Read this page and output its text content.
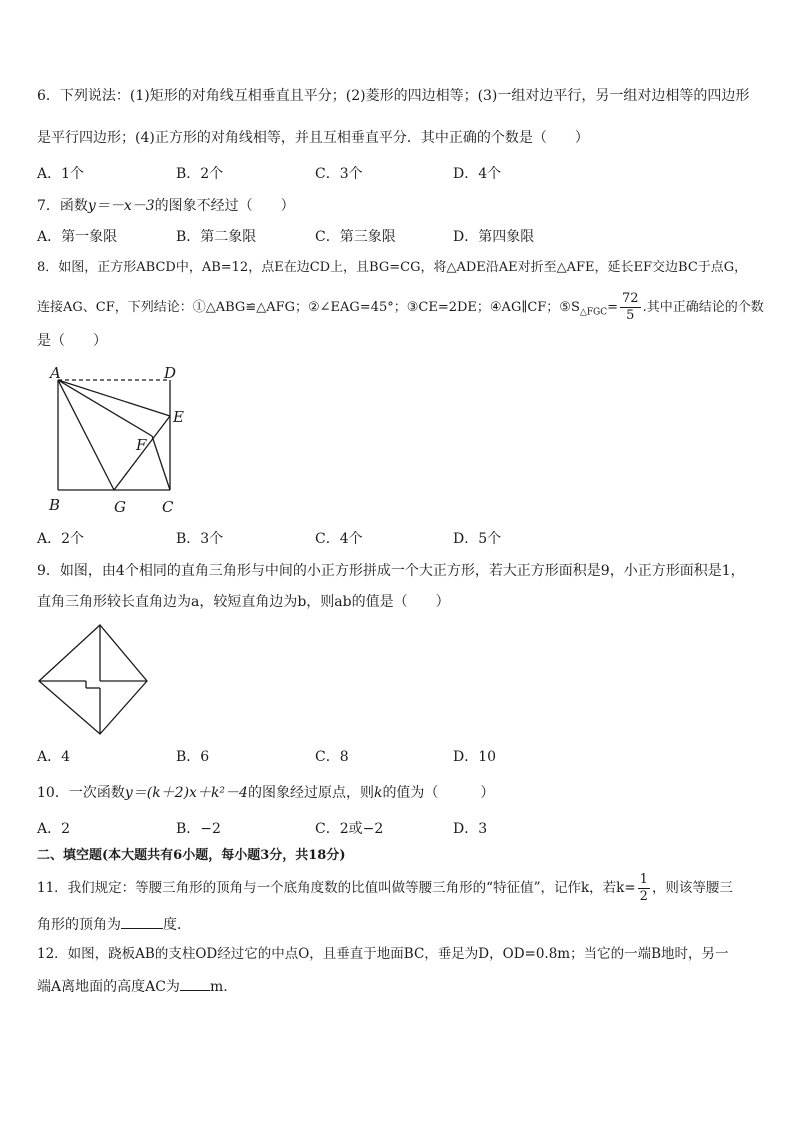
6．下列说法：(1)矩形的对角线互相垂直且平分；(2)菱形的四边相等；(3)一组对边平行，另一组对边相等的四边形
是平行四边形；(4)正方形的对角线相等，并且互相垂直平分．其中正确的个数是（　　）
A．1个	B．2个	C．3个	D．4个
7．函数y＝－x－3的图象不经过（　　）
A．第一象限	B．第二象限	C．第三象限	D．第四象限
8．如图，正方形ABCD中，AB=12，点E在边CD上，且BG=CG，将△ADE沿AE对折至△AFE，延长EF交边BC于点G，
连接AG、CF，下列结论：①△ABG≌△AFG；②∠EAG=45°；③CE=2DE；④AG∥CF；$⑤S_{\triangle FGC}= \frac{72}{5}$ .其中正确结论的个数
是（　　）
A	D
E
F
B	G C
A．2个	B．3个	C．4个	D．5个
9．如图，由4个相同的直角三角形与中间的小正方形拼成一个大正方形，若大正方形面积是9，小正方形面积是1，
直角三角形较长直角边为a，较短直角边为b，则ab的值是（　　）
A．4	B．6	C．8	D．10
10．一次函数y＝(k＋2)x＋k²－4的图象经过原点，则k的值为（　　　）
A．2	B．−2	C．2或−2	D．3
二、填空题(本大题共有6小题，每小题3分，共18分)
11．我们规定：等腰三角形的顶角与一个底角度数的比值叫做等腰三角形的“特征值”，记作k，若$k= \frac{1}{2}$ ，则该等腰三
角形的顶角为	度．
12．如图，跷板AB的支柱OD经过它的中点O，且垂直于地面BC，垂足为D，OD=0.8m；当它的一端B地时，另一
端A离地面的高度AC为 m.
